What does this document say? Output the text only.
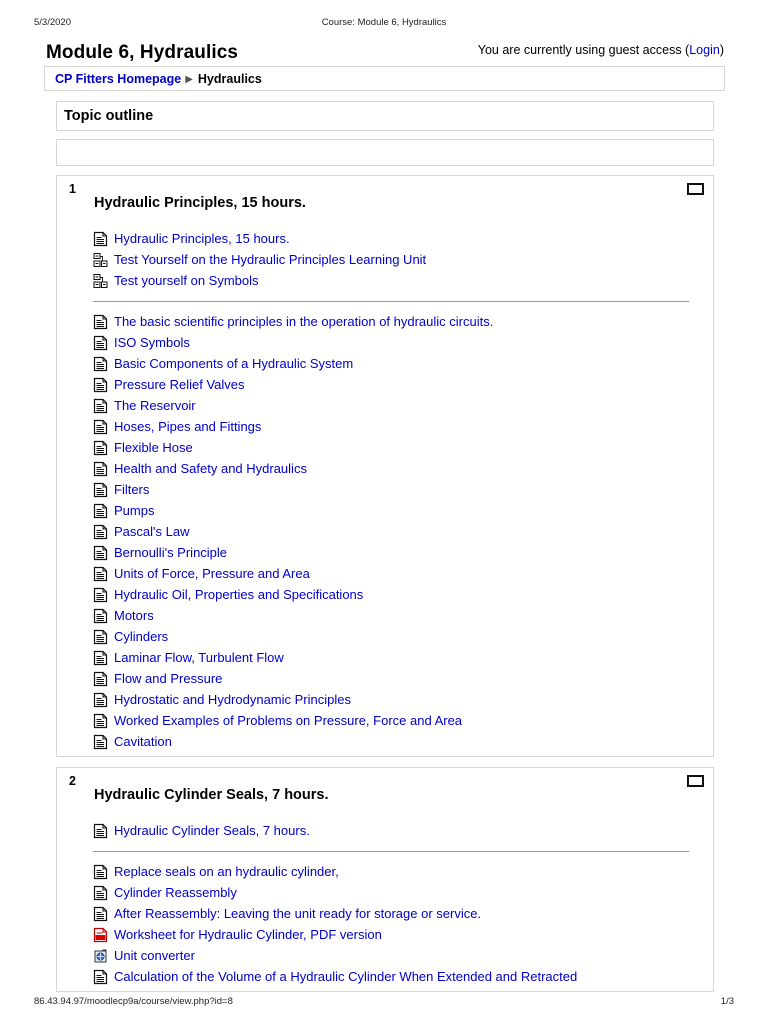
5/3/2020	Course: Module 6, Hydraulics
Module 6, Hydraulics	You are currently using guest access (Login)
CP Fitters Homepage ▶ Hydraulics
Topic outline
1
Hydraulic Principles, 15 hours.
Hydraulic Principles, 15 hours.
Test Yourself on the Hydraulic Principles Learning Unit
Test yourself on Symbols
The basic scientific principles in the operation of hydraulic circuits.
ISO Symbols
Basic Components of a Hydraulic System
Pressure Relief Valves
The Reservoir
Hoses, Pipes and Fittings
Flexible Hose
Health and Safety and Hydraulics
Filters
Pumps
Pascal's Law
Bernoulli's Principle
Units of Force, Pressure and Area
Hydraulic Oil, Properties and Specifications
Motors
Cylinders
Laminar Flow, Turbulent Flow
Flow and Pressure
Hydrostatic and Hydrodynamic Principles
Worked Examples of Problems on Pressure, Force and Area
Cavitation
2
Hydraulic Cylinder Seals, 7 hours.
Hydraulic Cylinder Seals, 7 hours.
Replace seals on an hydraulic cylinder,
Cylinder Reassembly
After Reassembly: Leaving the unit ready for storage or service.
Worksheet for Hydraulic Cylinder, PDF version
Unit converter
Calculation of the Volume of a Hydraulic Cylinder When Extended and Retracted
86.43.94.97/moodlecp9a/course/view.php?id=8	1/3
